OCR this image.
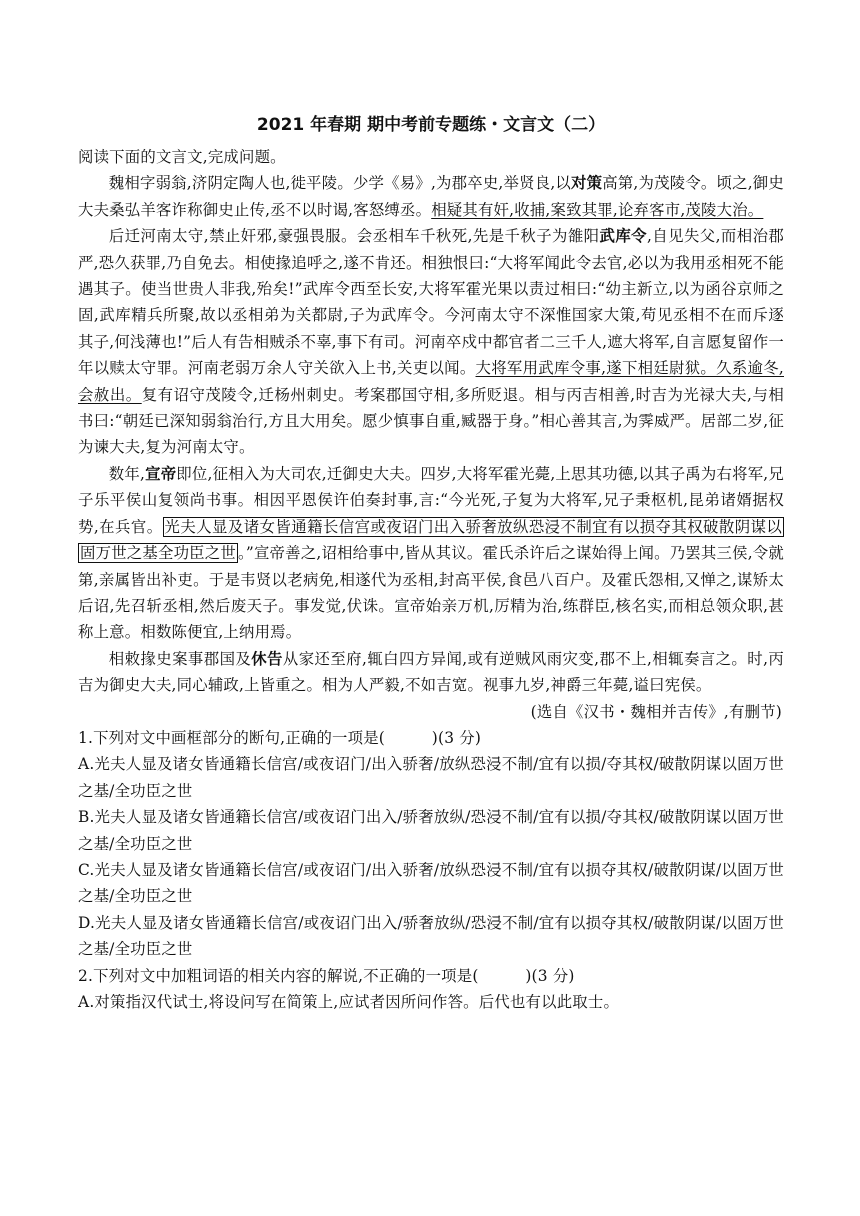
2021 年春期 期中考前专题练・文言文（二）

阅读下面的文言文,完成问题。

魏相字弱翁,济阴定陶人也,徙平陵。少学《易》,为郡卒史,举贤良,以对策高第,为茂陵令。顷之,御史大夫桑弘羊客诈称御史止传,丞不以时谒,客怒缚丞。相疑其有奸,收捕,案致其罪,论弃客市,茂陵大治。

后迁河南太守,禁止奸邪,豪强畏服。会丞相车千秋死,先是千秋子为雒阳武库令,自见失父,而相治郡严,恐久获罪,乃自免去。相使掾追呼之,遂不肯还。相独恨曰:“大将军闻此令去官,必以为我用丞相死不能遇其子。使当世贵人非我,殆矣!”武库令西至长安,大将军霍光果以责过相曰:“幼主新立,以为函谷京师之固,武库精兵所聚,故以丞相弟为关都尉,子为武库令。今河南太守不深惟国家大策,苟见丞相不在而斥逐其子,何浅薄也!”后人有告相贼杀不辜,事下有司。河南卒戍中都官者二三千人,遮大将军,自言愿复留作一年以赎太守罪。河南老弱万余人守关欲入上书,关吏以闻。大将军用武库令事,遂下相廷尉狱。久系逾冬,会赦出。复有诏守茂陵令,迁杨州刺史。考案郡国守相,多所贬退。相与丙吉相善,时吉为光禄大夫,与相书曰:“朝廷已深知弱翁治行,方且大用矣。愿少慎事自重,臧器于身。”相心善其言,为霁威严。居部二岁,征为谏大夫,复为河南太守。

数年,宣帝即位,征相入为大司农,迁御史大夫。四岁,大将军霍光薨,上思其功德,以其子禹为右将军,兄子乐平侯山复领尚书事。相因平恩侯许伯奏封事,言:“今光死,子复为大将军,兄子秉枢机,昆弟诸婿据权势,在兵官。 光夫人显及诸女皆通籍长信宫或夜诏门出入骄奢放纵恐浸不制宜有以损夺其权破散阴谋以固万世之基全功臣之世 。”宣帝善之,诏相给事中,皆从其议。霍氏杀许后之谋始得上闻。乃罢其三侯,令就第,亲属皆出补吏。于是韦贤以老病免,相遂代为丞相,封高平侯,食邑八百户。及霍氏怨相,又惮之,谋矫太后诏,先召斩丞相,然后废天子。事发觉,伏诛。宣帝始亲万机,厉精为治,练群臣,核名实,而相总领众职,甚称上意。相数陈便宜,上纳用焉。

相敕掾史案事郡国及休告从家还至府,辄白四方异闻,或有逆贼风雨灾变,郡不上,相辄奏言之。时,丙吉为御史大夫,同心辅政,上皆重之。相为人严毅,不如吉宽。视事九岁,神爵三年薨,谥曰宪侯。

(选自《汉书・魏相并吉传》,有删节)

1.下列对文中画框部分的断句,正确的一项是(　　　)(3 分)

A.光夫人显及诸女皆通籍长信宫/或夜诏门/出入骄奢/放纵恐浸不制/宜有以损/夺其权/破散阴谋以固万世之基/全功臣之世

B.光夫人显及诸女皆通籍长信宫/或夜诏门出入/骄奢放纵/恐浸不制/宜有以损/夺其权/破散阴谋以固万世之基/全功臣之世

C.光夫人显及诸女皆通籍长信宫/或夜诏门/出入骄奢/放纵恐浸不制/宜有以损夺其权/破散阴谋/以固万世之基/全功臣之世

D.光夫人显及诸女皆通籍长信宫/或夜诏门出入/骄奢放纵/恐浸不制/宜有以损夺其权/破散阴谋/以固万世之基/全功臣之世

2.下列对文中加粗词语的相关内容的解说,不正确的一项是(　　　)(3 分)

A.对策指汉代试士,将设问写在简策上,应试者因所问作答。后代也有以此取士。
